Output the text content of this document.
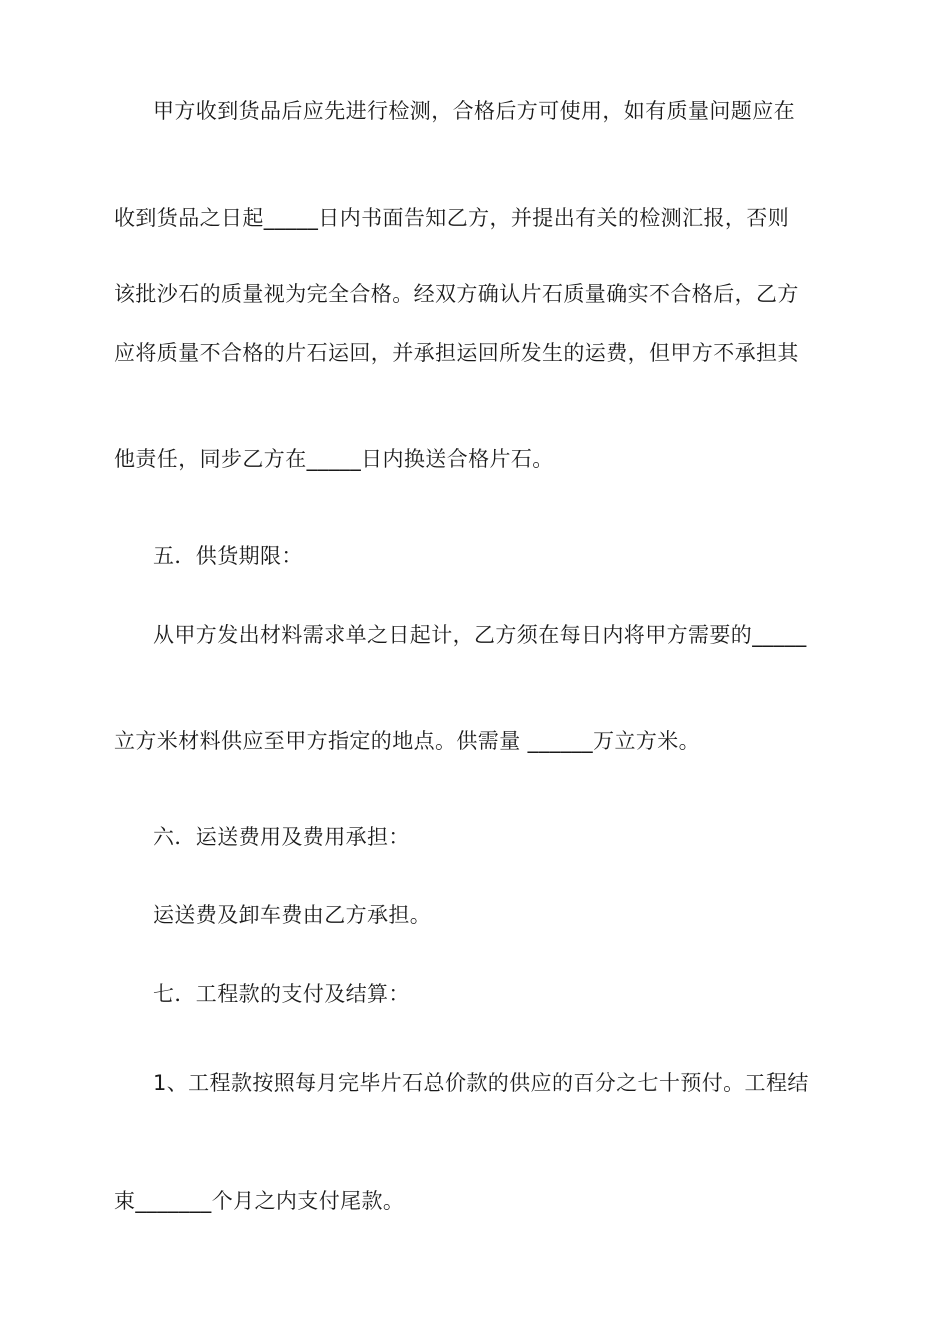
甲方收到货品后应先进行检测，合格后方可使用，如有质量问题应在
收到货品之日起_____日内书面告知乙方，并提出有关的检测汇报，否则
该批沙石的质量视为完全合格。经双方确认片石质量确实不合格后，乙方
应将质量不合格的片石运回，并承担运回所发生的运费，但甲方不承担其
他责任，同步乙方在_____日内换送合格片石。
五．供货期限：
从甲方发出材料需求单之日起计，乙方须在每日内将甲方需要的_____
立方米材料供应至甲方指定的地点。供需量 ______万立方米。
六．运送费用及费用承担：
运送费及卸车费由乙方承担。
七．工程款的支付及结算：
1、工程款按照每月完毕片石总价款的供应的百分之七十预付。工程结
束_______个月之内支付尾款。
